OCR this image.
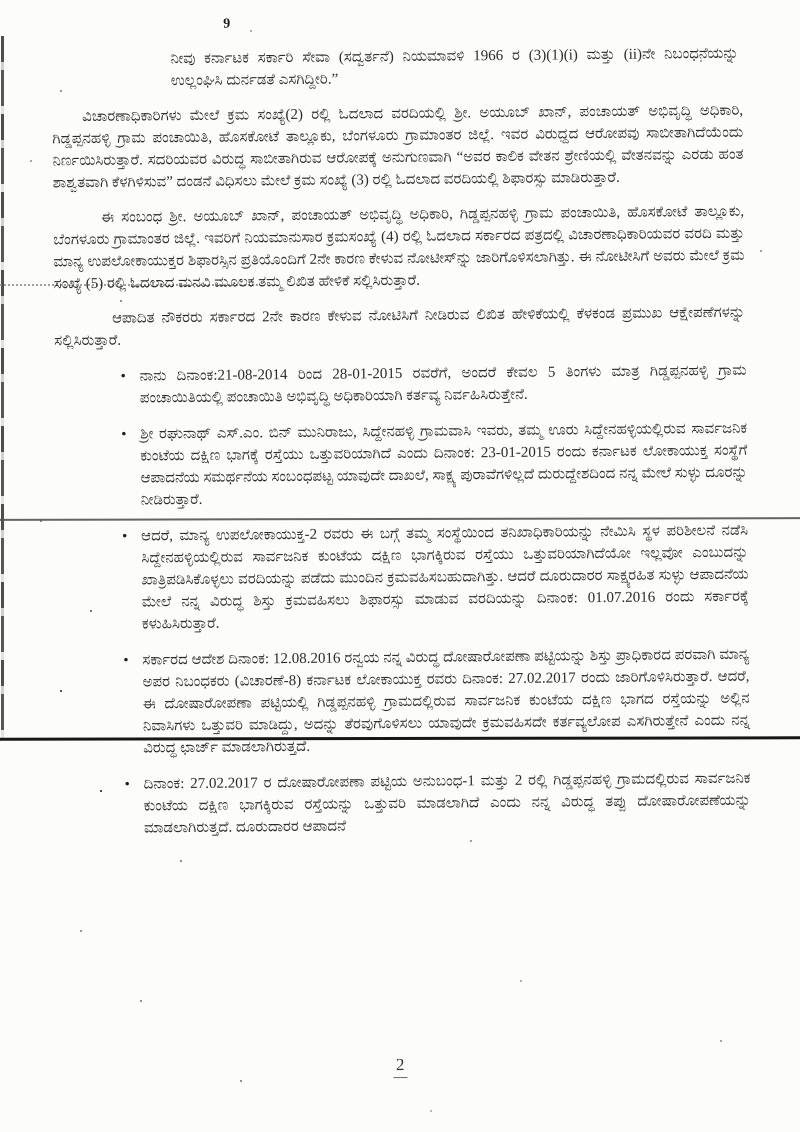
9

ನೀವು ಕರ್ನಾಟಕ ಸರ್ಕಾರಿ ಸೇವಾ (ಸದ್ವರ್ತನೆ) ನಿಯಮಾವಳಿ 1966 ರ (3)(1)(i) ಮತ್ತು (ii)ನೇ ನಿಬಂಧನೆಯನ್ನು ಉಲ್ಲಂಘಿಸಿ ದುರ್ನಡತೆ ಎಸಗಿದ್ದೀರಿ.”

ವಿಚಾರಣಾಧಿಕಾರಿಗಳು ಮೇಲೆ ಕ್ರಮ ಸಂಖ್ಯೆ(2) ರಲ್ಲಿ ಓದಲಾದ ವರದಿಯಲ್ಲಿ ಶ್ರೀ. ಅಯೂಬ್ ಖಾನ್, ಪಂಚಾಯತ್ ಅಭಿವೃದ್ಧಿ ಅಧಿಕಾರಿ, ಗಿಡ್ಡಪ್ಪನಹಳ್ಳಿ ಗ್ರಾಮ ಪಂಚಾಯಿತಿ, ಹೊಸಕೋಟೆ ತಾಲ್ಲೂಕು, ಬೆಂಗಳೂರು ಗ್ರಾಮಾಂತರ ಜಿಲ್ಲೆ. ಇವರ ವಿರುದ್ದದ ಆರೋಪವು ಸಾಬೀತಾಗಿದೆಯೆಂದು ನಿರ್ಣಯಿಸಿರುತ್ತಾರೆ. ಸದರಿಯವರ ವಿರುದ್ಧ ಸಾಬೀತಾಗಿರುವ ಆರೋಪಕ್ಕೆ ಅನುಗುಣವಾಗಿ “ಅವರ ಕಾಲಿಕ ವೇತನ ಶ್ರೇಣಿಯಲ್ಲಿ ವೇತನವನ್ನು ಎರಡು ಹಂತ ಶಾಶ್ವತವಾಗಿ ಕೆಳಗಿಳಿಸುವ” ದಂಡನೆ ವಿಧಿಸಲು ಮೇಲೆ ಕ್ರಮ ಸಂಖ್ಯೆ (3) ರಲ್ಲಿ ಓದಲಾದ ವರದಿಯಲ್ಲಿ ಶಿಫಾರಸ್ಸು ಮಾಡಿರುತ್ತಾರೆ.

ಈ ಸಂಬಂಧ ಶ್ರೀ. ಅಯೂಬ್ ಖಾನ್, ಪಂಚಾಯತ್ ಅಭಿವೃದ್ಧಿ ಅಧಿಕಾರಿ, ಗಿಡ್ಡಪ್ಪನಹಳ್ಳಿ ಗ್ರಾಮ ಪಂಚಾಯಿತಿ, ಹೊಸಕೋಟೆ ತಾಲ್ಲೂಕು, ಬೆಂಗಳೂರು ಗ್ರಾಮಾಂತರ ಜಿಲ್ಲೆ. ಇವರಿಗೆ ನಿಯಮಾನುಸಾರ ಕ್ರಮಸಂಖ್ಯೆ (4) ರಲ್ಲಿ ಓದಲಾದ ಸರ್ಕಾರದ ಪತ್ರದಲ್ಲಿ ವಿಚಾರಣಾಧಿಕಾರಿಯವರ ವರದಿ ಮತ್ತು ಮಾನ್ಯ ಉಪಲೋಕಾಯುಕ್ತರ ಶಿಫಾರಸ್ಸಿನ ಪ್ರತಿಯೊಂದಿಗೆ 2ನೇ ಕಾರಣ ಕೇಳುವ ನೋಟೀಸ್‌ನ್ನು ಜಾರಿಗೊಳಿಸಲಾಗಿತ್ತು. ಈ ನೋಟೀಸಿಗೆ ಅವರು ಮೇಲೆ ಕ್ರಮ ಸಂಖ್ಯೆ (5) ರಲ್ಲಿ ಓದಲಾದ ಮನವಿ ಮೂಲಕ ತಮ್ಮ ಲಿಖಿತ ಹೇಳಿಕೆ ಸಲ್ಲಿಸಿರುತ್ತಾರೆ.

ಆಪಾದಿತ ನೌಕರರು ಸರ್ಕಾರದ 2ನೇ ಕಾರಣ ಕೇಳುವ ನೋಟಿಸಿಗೆ ನೀಡಿರುವ ಲಿಖಿತ ಹೇಳಿಕೆಯಲ್ಲಿ ಕೆಳಕಂಡ ಪ್ರಮುಖ ಆಕ್ಷೇಪಣೆಗಳನ್ನು ಸಲ್ಲಿಸಿರುತ್ತಾರೆ.

• ನಾನು ದಿನಾಂಕ:21-08-2014 ರಿಂದ 28-01-2015 ರವರೆಗೆ, ಅಂದರೆ ಕೇವಲ 5 ತಿಂಗಳು ಮಾತ್ರ ಗಿಡ್ಡಪ್ಪನಹಳ್ಳಿ ಗ್ರಾಮ ಪಂಚಾಯಿತಿಯಲ್ಲಿ ಪಂಚಾಯಿತಿ ಅಭಿವೃದ್ಧಿ ಅಧಿಕಾರಿಯಾಗಿ ಕರ್ತವ್ಯ ನಿರ್ವಹಿಸಿರುತ್ತೇನೆ.
• ಶ್ರೀ ರಘುನಾಥ್ ಎಸ್.ಎಂ. ಬಿನ್ ಮುನಿರಾಜು, ಸಿದ್ದೇನಹಳ್ಳಿ ಗ್ರಾಮವಾಸಿ ಇವರು, ತಮ್ಮ ಊರು ಸಿದ್ದೇನಹಳ್ಳಿಯಲ್ಲಿರುವ ಸಾರ್ವಜನಿಕ ಕುಂಟೆಯ ದಕ್ಷಿಣ ಭಾಗಕ್ಕೆ ರಸ್ತೆಯು ಒತ್ತುವರಿಯಾಗಿದೆ ಎಂದು ದಿನಾಂಕ: 23-01-2015 ರಂದು ಕರ್ನಾಟಕ ಲೋಕಾಯುಕ್ತ ಸಂಸ್ಥೆಗೆ ಆಪಾದನೆಯ ಸಮರ್ಥನೆಯ ಸಂಬಂಧಪಟ್ಟ ಯಾವುದೇ ದಾಖಲೆ, ಸಾಕ್ಷ್ಯ ಪುರಾವೆಗಳಿಲ್ಲದೆ ದುರುದ್ದೇಶದಿಂದ ನನ್ನ ಮೇಲೆ ಸುಳ್ಳು ದೂರನ್ನು ನೀಡಿರುತ್ತಾರೆ.
• ಆದರೆ, ಮಾನ್ಯ ಉಪಲೋಕಾಯುಕ್ತ-2 ರವರು ಈ ಬಗ್ಗೆ ತಮ್ಮ ಸಂಸ್ಥೆಯಿಂದ ತನಿಖಾಧಿಕಾರಿಯನ್ನು ನೇಮಿಸಿ ಸ್ಥಳ ಪರಿಶೀಲನೆ ನಡೆಸಿ ಸಿದ್ದೇನಹಳ್ಳಿಯಲ್ಲಿರುವ ಸಾರ್ವಜನಿಕ ಕುಂಟೆಯ ದಕ್ಷಿಣ ಭಾಗಕ್ಕಿರುವ ರಸ್ತೆಯು ಒತ್ತುವರಿಯಾಗಿದೆಯೋ ಇಲ್ಲವೋ ಎಂಬುದನ್ನು ಖಾತ್ರಿಪಡಿಸಿಕೊಳ್ಳಲು ವರದಿಯನ್ನು ಪಡೆದು ಮುಂದಿನ ಕ್ರಮವಹಿಸಬಹುದಾಗಿತ್ತು. ಆದರೆ ದೂರುದಾರರ ಸಾಕ್ಷ್ಯರಹಿತ ಸುಳ್ಳು ಆಪಾದನೆಯ ಮೇಲೆ ನನ್ನ ವಿರುದ್ಧ ಶಿಸ್ತು ಕ್ರಮವಹಿಸಲು ಶಿಫಾರಸ್ಸು ಮಾಡುವ ವರದಿಯನ್ನು ದಿನಾಂಕ: 01.07.2016 ರಂದು ಸರ್ಕಾರಕ್ಕೆ ಕಳುಹಿಸಿರುತ್ತಾರೆ.
• ಸರ್ಕಾರದ ಆದೇಶ ದಿನಾಂಕ: 12.08.2016 ರನ್ವಯ ನನ್ನ ವಿರುದ್ಧ ದೋಷಾರೋಪಣಾ ಪಟ್ಟಿಯನ್ನು ಶಿಸ್ತು ಪ್ರಾಧಿಕಾರದ ಪರವಾಗಿ ಮಾನ್ಯ ಅಪರ ನಿಬಂಧಕರು (ವಿಚಾರಣೆ-8) ಕರ್ನಾಟಕ ಲೋಕಾಯುಕ್ತ ರವರು ದಿನಾಂಕ: 27.02.2017 ರಂದು ಜಾರಿಗೊಳಿಸಿರುತ್ತಾರೆ. ಆದರೆ, ಈ ದೋಷಾರೋಪಣಾ ಪಟ್ಟಿಯಲ್ಲಿ ಗಿಡ್ಡಪ್ಪನಹಳ್ಳಿ ಗ್ರಾಮದಲ್ಲಿರುವ ಸಾರ್ವಜನಿಕ ಕುಂಟೆಯ ದಕ್ಷಿಣ ಭಾಗದ ರಸ್ತೆಯನ್ನು ಅಲ್ಲಿನ ನಿವಾಸಿಗಳು ಒತ್ತುವರಿ ಮಾಡಿದ್ದು, ಅದನ್ನು ತೆರವುಗೊಳಿಸಲು ಯಾವುದೇ ಕ್ರಮವಹಿಸದೇ ಕರ್ತವ್ಯಲೋಪ ಎಸಗಿರುತ್ತೇನೆ ಎಂದು ನನ್ನ ವಿರುದ್ಧ ಛಾರ್ಜ್ ಮಾಡಲಾಗಿರುತ್ತದೆ.
• ದಿನಾಂಕ: 27.02.2017 ರ ದೋಷಾರೋಪಣಾ ಪಟ್ಟಿಯ ಅನುಬಂಧ-1 ಮತ್ತು 2 ರಲ್ಲಿ ಗಿಡ್ಡಪ್ಪನಹಳ್ಳಿ ಗ್ರಾಮದಲ್ಲಿರುವ ಸಾರ್ವಜನಿಕ ಕುಂಟೆಯ ದಕ್ಷಿಣ ಭಾಗಕ್ಕಿರುವ ರಸ್ತೆಯನ್ನು ಒತ್ತುವರಿ ಮಾಡಲಾಗಿದೆ ಎಂದು ನನ್ನ ವಿರುದ್ಧ ತಪ್ಪು ದೋಷಾರೋಪಣೆಯನ್ನು ಮಾಡಲಾಗಿರುತ್ತದೆ. ದೂರುದಾರರ ಆಪಾದನೆ
2
